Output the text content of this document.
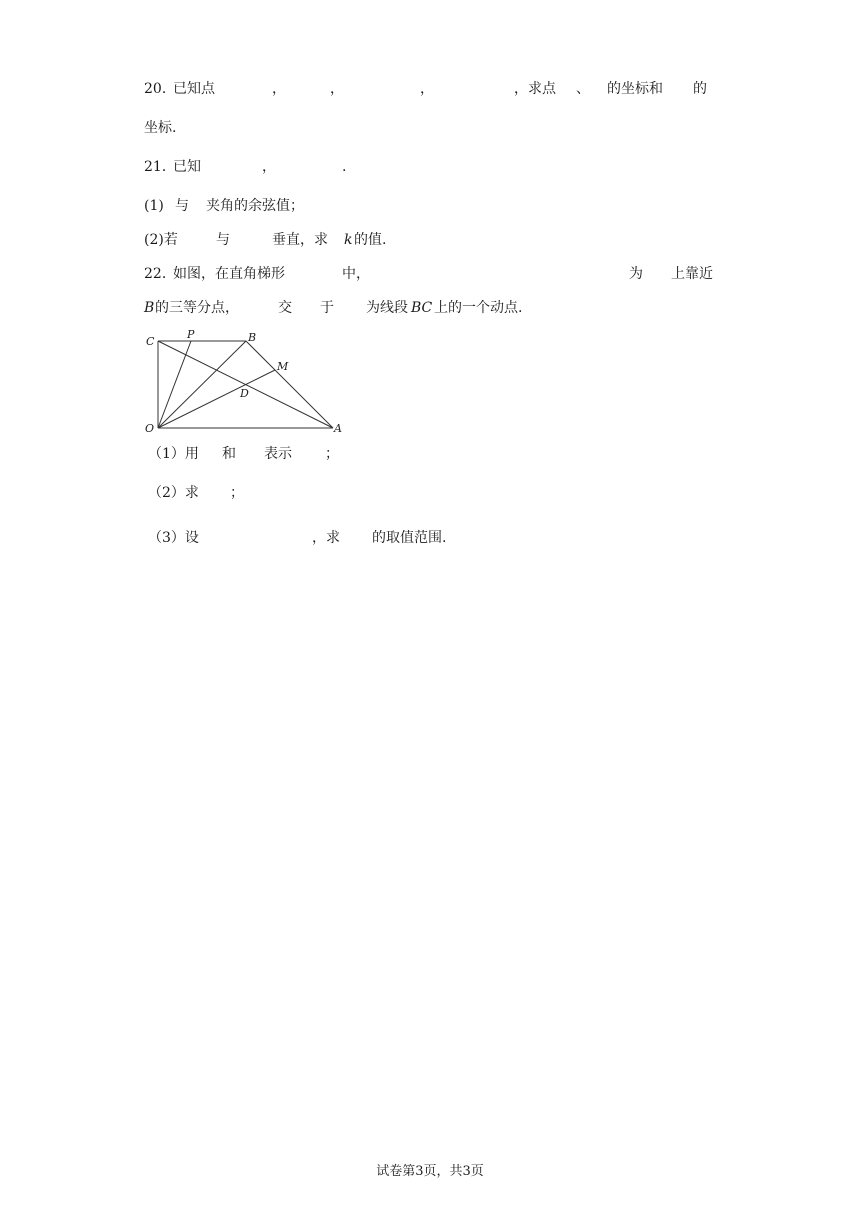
20．
已知点	，	，	，	，求点 、 的坐标和 的
坐标.
21．
已知	，	.
(1) 与 夹角的余弦值；
(2)若	与	垂直，求 k 的值.
22．
如图，在直角梯形	中，	为 上靠近
B 的三等分点，	交 于 为线段 BC 上的一个动点.
C
P	B
M
D
O	A
（1）用 和 表示 ；
（2）求 ；
（3）设	，求 的取值范围.
试卷第3页，共3页
